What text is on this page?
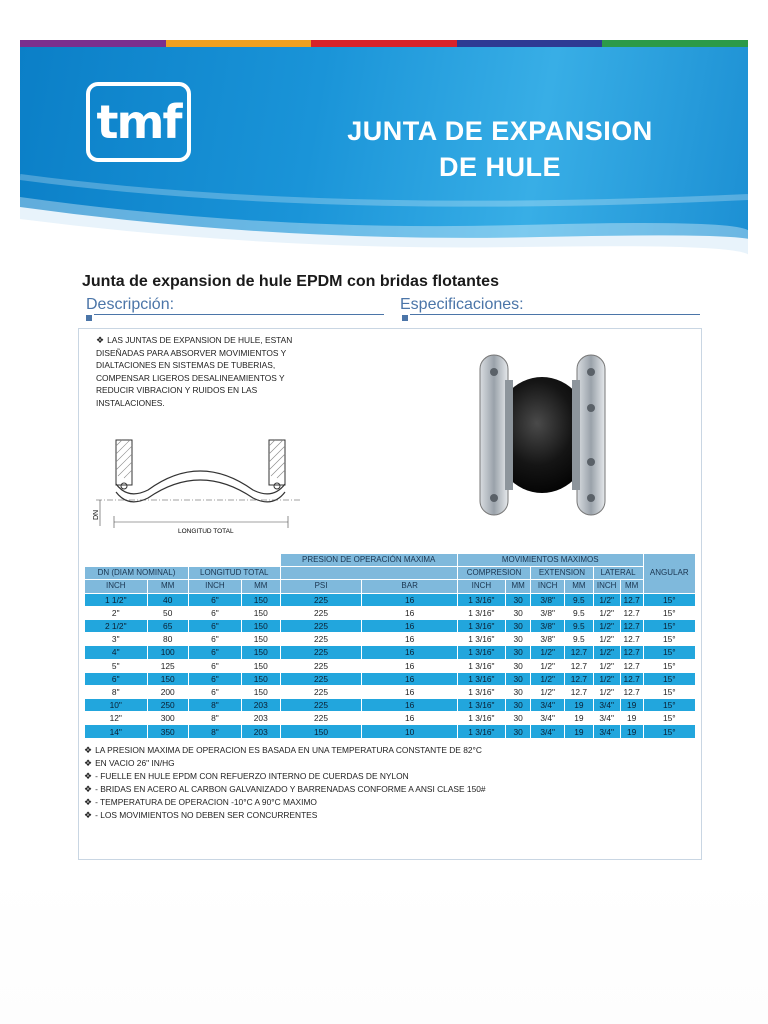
tmf	JUNTA DE EXPANSION
DE HULE
Junta de expansion de hule EPDM con bridas flotantes
Descripción:	Especificaciones:
❖ LAS JUNTAS DE EXPANSION DE HULE, ESTAN DISEÑADAS PARA ABSORVER MOVIMIENTOS Y DIALTACIONES EN SISTEMAS DE TUBERIAS, COMPENSAR LIGEROS DESALINEAMIENTOS Y REDUCIR VIBRACION Y RUIDOS EN LAS INSTALACIONES.
DN
LONGITUD TOTAL
				PRESION DE OPERACIÓN MAXIMA		MOVIMIENTOS MAXIMOS						ANGULAR
DN (DIAM NOMINAL)		LONGITUD TOTAL				COMPRESION		EXTENSION		LATERAL		
INCH	MM	INCH	MM	PSI	BAR	INCH	MM	INCH	MM	INCH	MM	
1 1/2"	40	6"	150	225	16	1 3/16"	30	3/8"	9.5	1/2"	12.7	15°
2"	50	6"	150	225	16	1 3/16"	30	3/8"	9.5	1/2"	12.7	15°
2 1/2"	65	6"	150	225	16	1 3/16"	30	3/8"	9.5	1/2"	12.7	15°
3"	80	6"	150	225	16	1 3/16"	30	3/8"	9.5	1/2"	12.7	15°
4"	100	6"	150	225	16	1 3/16"	30	1/2"	12.7	1/2"	12.7	15°
5"	125	6"	150	225	16	1 3/16"	30	1/2"	12.7	1/2"	12.7	15°
6"	150	6"	150	225	16	1 3/16"	30	1/2"	12.7	1/2"	12.7	15°
8"	200	6"	150	225	16	1 3/16"	30	1/2"	12.7	1/2"	12.7	15°
10"	250	8"	203	225	16	1 3/16"	30	3/4"	19	3/4"	19	15°
12"	300	8"	203	225	16	1 3/16"	30	3/4"	19	3/4"	19	15°
14"	350	8"	203	150	10	1 3/16"	30	3/4"	19	3/4"	19	15°
❖ LA PRESION MAXIMA DE OPERACION ES BASADA EN UNA TEMPERATURA CONSTANTE DE 82°C
❖ EN VACIO 26" IN/HG
❖ - FUELLE EN HULE EPDM CON REFUERZO INTERNO DE CUERDAS DE NYLON
❖ - BRIDAS EN ACERO AL CARBON GALVANIZADO Y BARRENADAS CONFORME A ANSI CLASE 150#
❖ - TEMPERATURA DE OPERACION -10°C A 90°C MAXIMO
❖ - LOS MOVIMIENTOS NO DEBEN SER CONCURRENTES
